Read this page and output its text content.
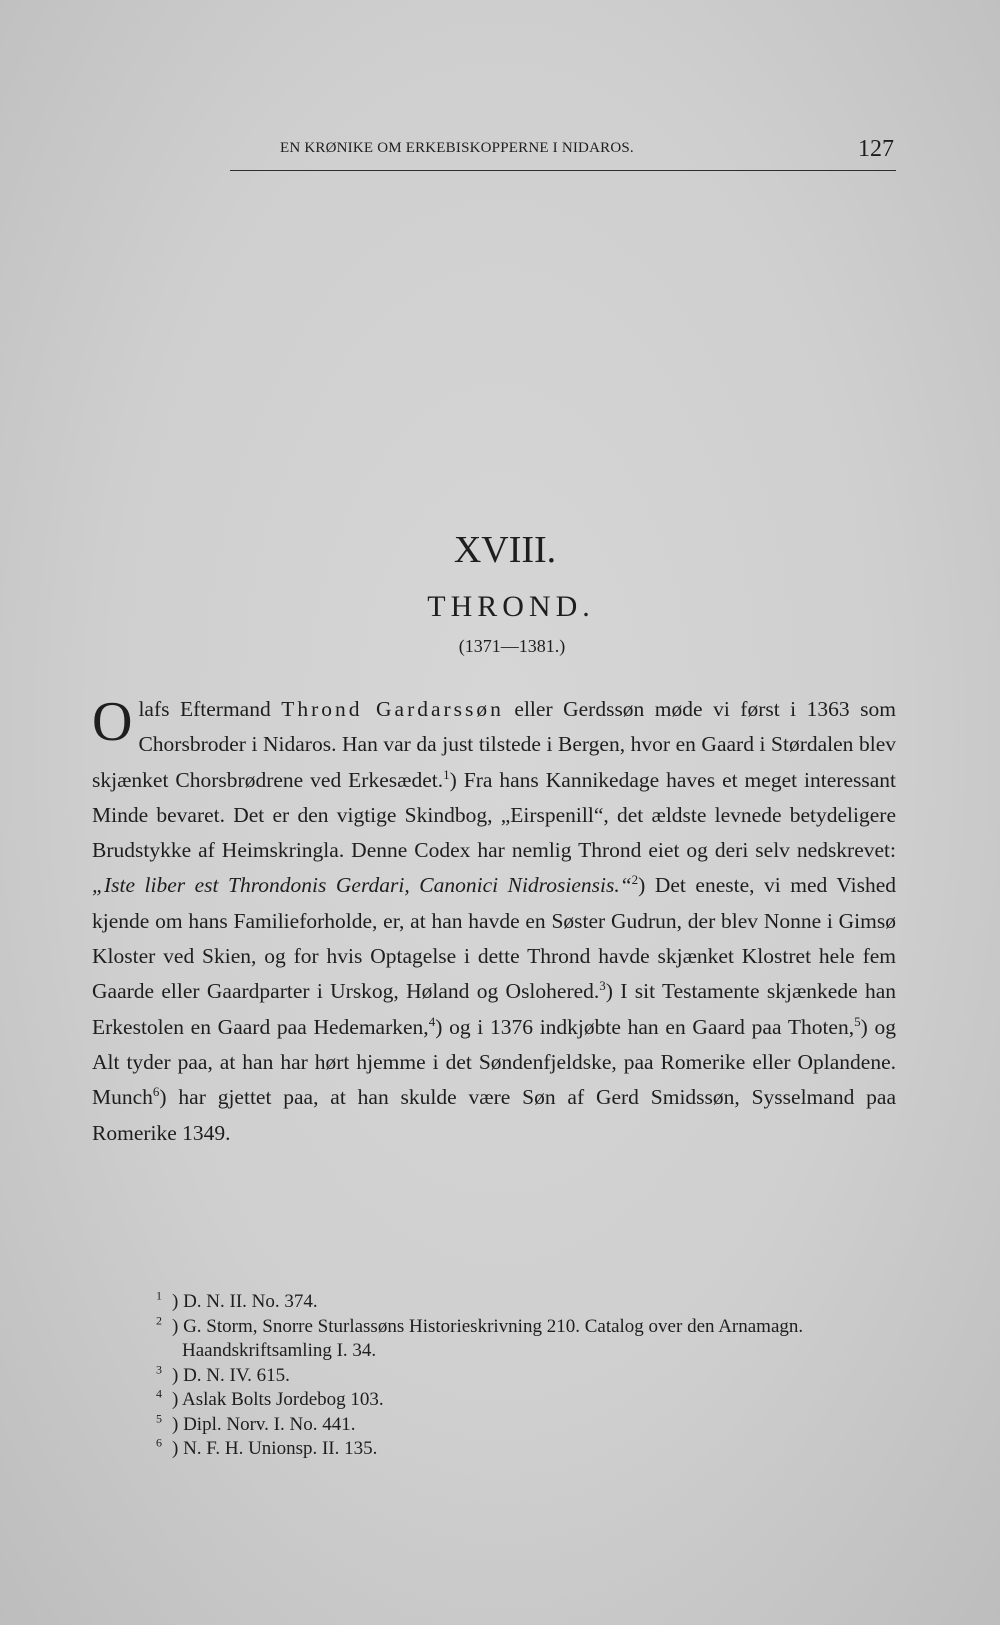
EN KRØNIKE OM ERKEBISKOPPERNE I NIDAROS.	127
XVIII.
THROND.
(1371—1381.)

Olafs Eftermand Thrond Gardarssøn eller Gerdssøn møde vi først i 1363 som Chorsbroder i Nidaros. Han var da just tilstede i Bergen, hvor en Gaard i Størdalen blev skjænket Chorsbrødrene ved Erkesædet.$^1$) Fra hans Kannikedage haves et meget interessant Minde bevaret. Det er den vigtige Skindbog, „Eirspenill“, det ældste levnede betydeligere Brudstykke af Heimskringla. Denne Codex har nemlig Thrond eiet og deri selv nedskrevet: „Iste liber est Throndonis Gerdari, Canonici Nidrosiensis.“$^2$) Det eneste, vi med Vished kjende om hans Familieforholde, er, at han havde en Søster Gudrun, der blev Nonne i Gimsø Kloster ved Skien, og for hvis Optagelse i dette Thrond havde skjænket Klostret hele fem Gaarde eller Gaardparter i Urskog, Høland og Oslohered.$^3$) I sit Testamente skjænkede han Erkestolen en Gaard paa Hedemarken,$^4$) og i 1376 indkjøbte han en Gaard paa Thoten,$^5$) og Alt tyder paa, at han har hørt hjemme i det Søndenfjeldske, paa Romerike eller Oplandene. Munch$^6$) har gjettet paa, at han skulde være Søn af Gerd Smidssøn, Sysselmand paa Romerike 1349.

$^1$ ) D. N. II. No. 374.

$^2$ ) G. Storm, Snorre Sturlassøns Historieskrivning 210. Catalog over den Arnamagn. Haandskriftsamling I. 34.

$^3$ ) D. N. IV. 615.

$^4$ ) Aslak Bolts Jordebog 103.

$^5$ ) Dipl. Norv. I. No. 441.

$^6$ ) N. F. H. Unionsp. II. 135.
